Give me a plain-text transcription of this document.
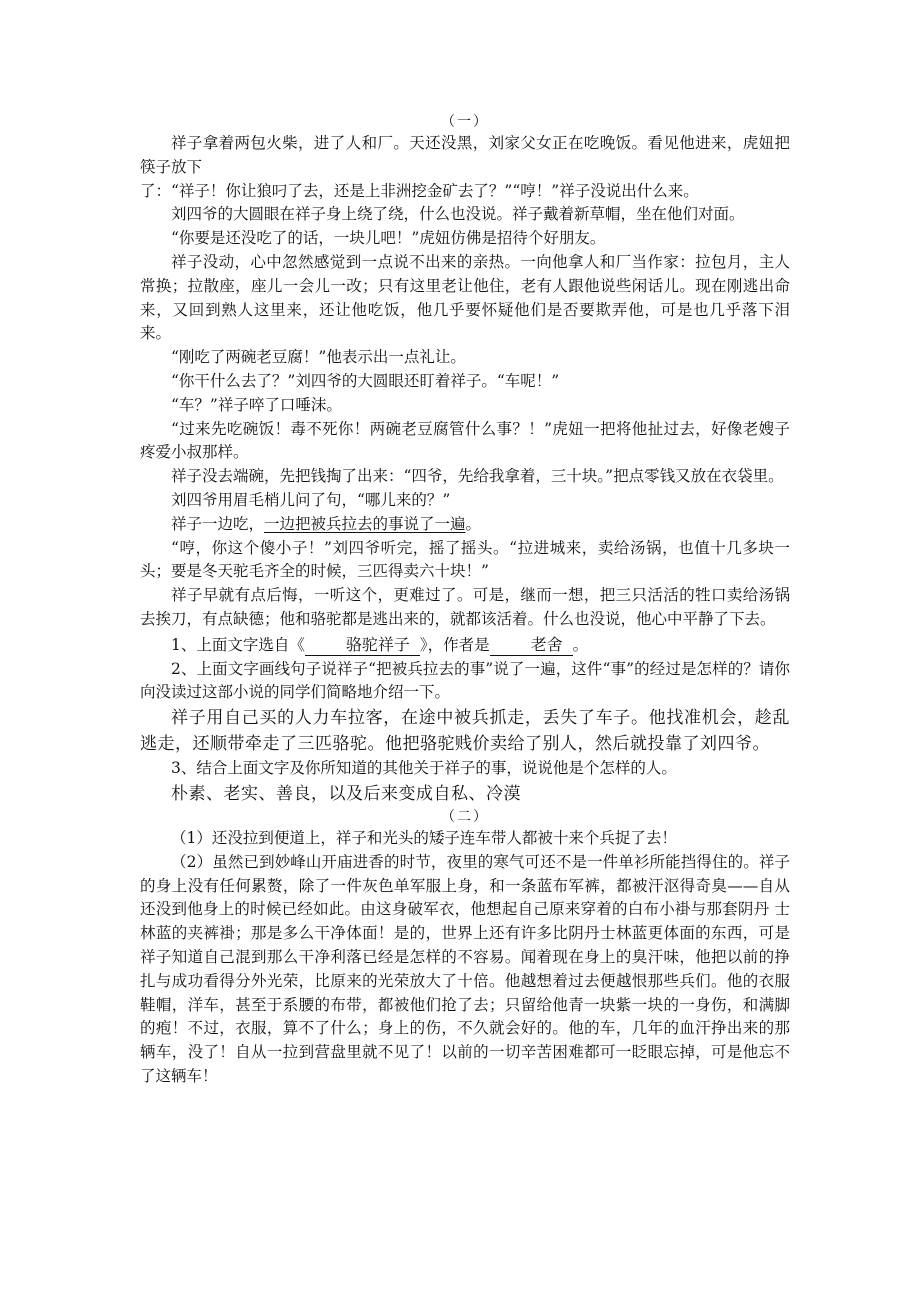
（一）

祥子拿着两包火柴，进了人和厂。天还没黑，刘家父女正在吃晚饭。看见他进来，虎妞把筷子放下

了：“祥子！你让狼叼了去，还是上非洲挖金矿去了？”“哼！”祥子没说出什么来。

刘四爷的大圆眼在祥子身上绕了绕，什么也没说。祥子戴着新草帽，坐在他们对面。

“你要是还没吃了的话，一块儿吧！”虎妞仿佛是招待个好朋友。

祥子没动，心中忽然感觉到一点说不出来的亲热。一向他拿人和厂当作家：拉包月，主人常换；拉散座，座儿一会儿一改；只有这里老让他住，老有人跟他说些闲话儿。现在刚逃出命来，又回到熟人这里来，还让他吃饭，他几乎要怀疑他们是否要欺弄他，可是也几乎落下泪来。

“刚吃了两碗老豆腐！”他表示出一点礼让。

“你干什么去了？”刘四爷的大圆眼还盯着祥子。“车呢！”

“车？”祥子啐了口唾沫。

“过来先吃碗饭！毒不死你！两碗老豆腐管什么事？！”虎妞一把将他扯过去，好像老嫂子疼爱小叔那样。

祥子没去端碗，先把钱掏了出来：“四爷，先给我拿着，三十块。”把点零钱又放在衣袋里。

刘四爷用眉毛梢儿问了句，“哪儿来的？”

祥子一边吃，一边把被兵拉去的事说了一遍。

“哼，你这个傻小子！”刘四爷听完，摇了摇头。“拉进城来，卖给汤锅，也值十几多块一头；要是冬天驼毛齐全的时候，三匹得卖六十块！”

祥子早就有点后悔，一听这个，更难过了。可是，继而一想，把三只活活的牲口卖给汤锅去挨刀，有点缺德；他和骆驼都是逃出来的，就都该活着。什么也没说，他心中平静了下去。

1、上面文字选自《	骆驼祥子 》，作者是	老舍 。

2、上面文字画线句子说祥子“把被兵拉去的事”说了一遍，这件“事”的经过是怎样的？请你向没读过这部小说的同学们简略地介绍一下。

祥子用自己买的人力车拉客，在途中被兵抓走，丢失了车子。他找准机会，趁乱逃走，还顺带牵走了三匹骆驼。他把骆驼贱价卖给了别人，然后就投靠了刘四爷。

3、结合上面文字及你所知道的其他关于祥子的事，说说他是个怎样的人。

朴素、老实、善良，以及后来变成自私、冷漠

（二）

（1）还没拉到便道上，祥子和光头的矮子连车带人都被十来个兵捉了去！

（2）虽然已到妙峰山开庙进香的时节，夜里的寒气可还不是一件单衫所能挡得住的。祥子的身上没有任何累赘，除了一件灰色单军服上身，和一条蓝布军裤，都被汗沤得奇臭——自从还没到他身上的时候已经如此。由这身破军衣，他想起自己原来穿着的白布小褂与那套阴丹 士林蓝的夹裤褂；那是多么干净体面！是的，世界上还有许多比阴丹士林蓝更体面的东西，可是祥子知道自己混到那么干净利落已经是怎样的不容易。闻着现在身上的臭汗味，他把以前的挣扎与成功看得分外光荣，比原来的光荣放大了十倍。他越想着过去便越恨那些兵们。他的衣服鞋帽，洋车，甚至于系腰的布带，都被他们抢了去；只留给他青一块紫一块的一身伤，和满脚的疱！不过，衣服，算不了什么；身上的伤，不久就会好的。他的车，几年的血汗挣出来的那辆车，没了！自从一拉到营盘里就不见了！以前的一切辛苦困难都可一眨眼忘掉，可是他忘不了这辆车！
